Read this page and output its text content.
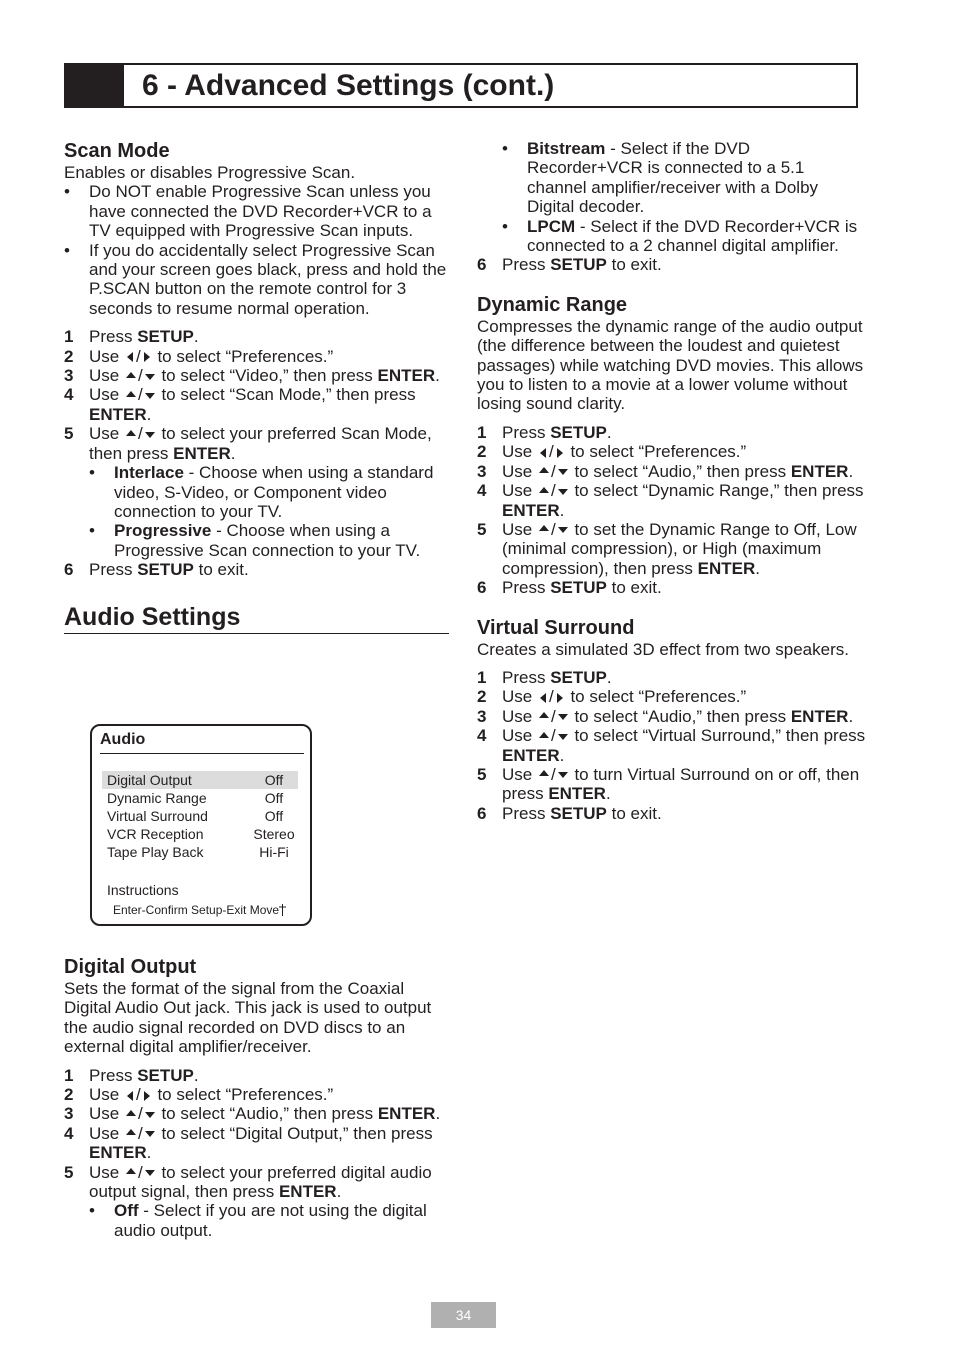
6 - Advanced Settings (cont.)
Scan Mode
Enables or disables Progressive Scan.
• Do NOT enable Progressive Scan unless you have connected the DVD Recorder+VCR to a TV equipped with Progressive Scan inputs.
• If you do accidentally select Progressive Scan and your screen goes black, press and hold the P.SCAN button on the remote control for 3 seconds to resume normal operation.
1 Press SETUP.
2 Use / to select “Preferences.”
3 Use / to select “Video,” then press ENTER.
4 Use / to select “Scan Mode,” then press ENTER.
5 Use / to select your preferred Scan Mode, then press ENTER.
• Interlace - Choose when using a standard video, S-Video, or Component video connection to your TV.
• Progressive - Choose when using a Progressive Scan connection to your TV.
6 Press SETUP to exit.
Audio Settings
Audio
Digital Output	Off
Dynamic Range	Off
Virtual Surround	Off
VCR Reception	Stereo
Tape Play Back	Hi-Fi
Instructions
Enter-Confirm Setup-Exit Move
Digital Output
Sets the format of the signal from the Coaxial Digital Audio Out jack. This jack is used to output the audio signal recorded on DVD discs to an external digital amplifier/receiver.
1 Press SETUP.
2 Use / to select “Preferences.”
3 Use / to select “Audio,” then press ENTER.
4 Use / to select “Digital Output,” then press ENTER.
5 Use / to select your preferred digital audio output signal, then press ENTER.
• Off - Select if you are not using the digital audio output.
• Bitstream - Select if the DVD Recorder+VCR is connected to a 5.1 channel amplifier/receiver with a Dolby Digital decoder.
• LPCM - Select if the DVD Recorder+VCR is connected to a 2 channel digital amplifier.
6 Press SETUP to exit.
Dynamic Range
Compresses the dynamic range of the audio output (the difference between the loudest and quietest passages) while watching DVD movies. This allows you to listen to a movie at a lower volume without losing sound clarity.
1 Press SETUP.
2 Use / to select “Preferences.”
3 Use / to select “Audio,” then press ENTER.
4 Use / to select “Dynamic Range,” then press ENTER.
5 Use / to set the Dynamic Range to Off, Low (minimal compression), or High (maximum compression), then press ENTER.
6 Press SETUP to exit.
Virtual Surround
Creates a simulated 3D effect from two speakers.
1 Press SETUP.
2 Use / to select “Preferences.”
3 Use / to select “Audio,” then press ENTER.
4 Use / to select “Virtual Surround,” then press ENTER.
5 Use / to turn Virtual Surround on or off, then press ENTER.
6 Press SETUP to exit.
34
